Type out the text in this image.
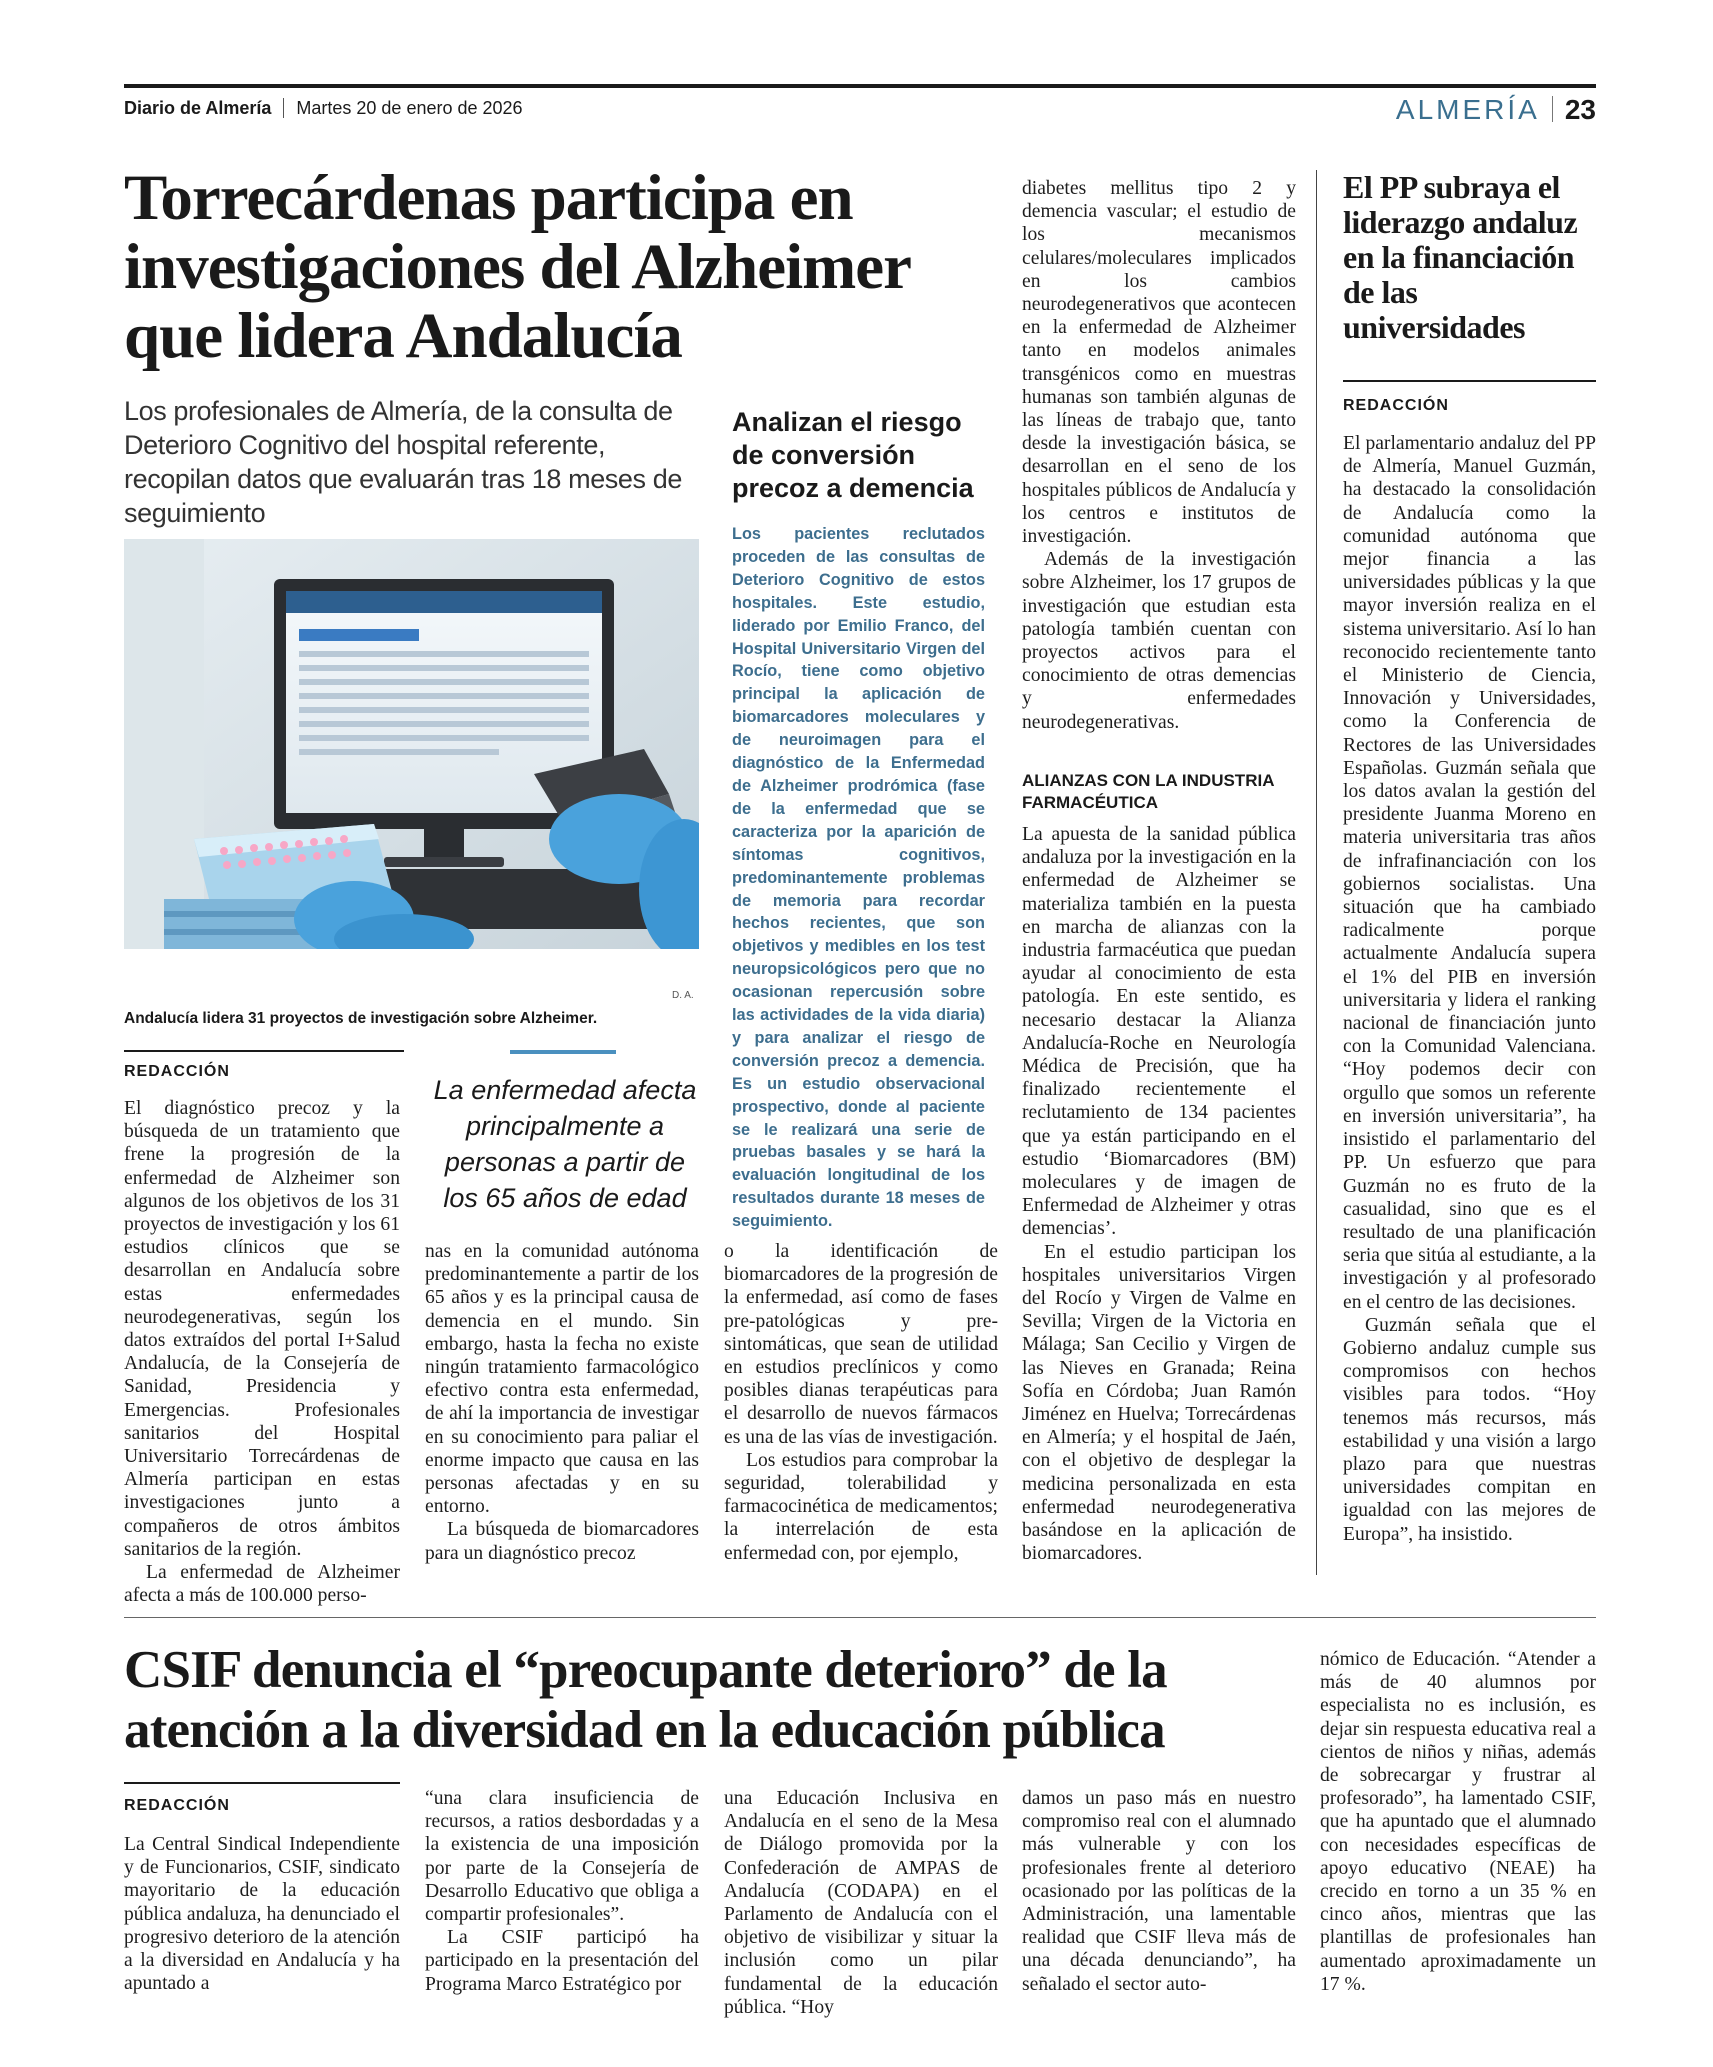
Diario de Almería Martes 20 de enero de 2026	ALMERÍA 23
Torrecárdenas participa en investigaciones del Alzheimer que lidera Andalucía
Los profesionales de Almería, de la consulta de Deterioro Cognitivo del hospital referente, recopilan datos que evaluarán tras 18 meses de seguimiento
D. A.
Andalucía lidera 31 proyectos de investigación sobre Alzheimer.
REDACCIÓN

El diagnóstico precoz y la búsqueda de un tratamiento que frene la progresión de la enfermedad de Alzheimer son algunos de los objetivos de los 31 proyectos de investigación y los 61 estudios clínicos que se desarrollan en Andalucía sobre estas enfermedades neurodegenerativas, según los datos extraídos del portal I+Salud Andalucía, de la Consejería de Sanidad, Presidencia y Emergencias. Profesionales sanitarios del Hospital Universitario Torrecárdenas de Almería participan en estas investigaciones junto a compañeros de otros ámbitos sanitarios de la región.

La enfermedad de Alzheimer afecta a más de 100.000 perso-

La enfermedad afecta principalmente a personas a partir de los 65 años de edad

nas en la comunidad autónoma predominantemente a partir de los 65 años y es la principal causa de demencia en el mundo. Sin embargo, hasta la fecha no existe ningún tratamiento farmacológico efectivo contra esta enfermedad, de ahí la importancia de investigar en su conocimiento para paliar el enorme impacto que causa en las personas afectadas y en su entorno.

La búsqueda de biomarcadores para un diagnóstico precoz

Analizan el riesgo de conversión precoz a demencia
Los pacientes reclutados proceden de las consultas de Deterioro Cognitivo de estos hospitales. Este estudio, liderado por Emilio Franco, del Hospital Universitario Virgen del Rocío, tiene como objetivo principal la aplicación de biomarcadores moleculares y de neuroimagen para el diagnóstico de la Enfermedad de Alzheimer prodrómica (fase de la enfermedad que se caracteriza por la aparición de síntomas cognitivos, predominantemente problemas de memoria para recordar hechos recientes, que son objetivos y medibles en los test neuropsicológicos pero que no ocasionan repercusión sobre las actividades de la vida diaria) y para analizar el riesgo de conversión precoz a demencia. Es un estudio observacional prospectivo, donde al paciente se le realizará una serie de pruebas basales y se hará la evaluación longitudinal de los resultados durante 18 meses de seguimiento.

o la identificación de biomarcadores de la progresión de la enfermedad, así como de fases pre-patológicas y pre-sintomáticas, que sean de utilidad en estudios preclínicos y como posibles dianas terapéuticas para el desarrollo de nuevos fármacos es una de las vías de investigación.

Los estudios para comprobar la seguridad, tolerabilidad y farmacocinética de medicamentos; la interrelación de esta enfermedad con, por ejemplo,

diabetes mellitus tipo 2 y demencia vascular; el estudio de los mecanismos celulares/moleculares implicados en los cambios neurodegenerativos que acontecen en la enfermedad de Alzheimer tanto en modelos animales transgénicos como en muestras humanas son también algunas de las líneas de trabajo que, tanto desde la investigación básica, se desarrollan en el seno de los hospitales públicos de Andalucía y los centros e institutos de investigación.

Además de la investigación sobre Alzheimer, los 17 grupos de investigación que estudian esta patología también cuentan con proyectos activos para el conocimiento de otras demencias y enfermedades neurodegenerativas.

ALIANZAS CON LA INDUSTRIA FARMACÉUTICA

La apuesta de la sanidad pública andaluza por la investigación en la enfermedad de Alzheimer se materializa también en la puesta en marcha de alianzas con la industria farmacéutica que puedan ayudar al conocimiento de esta patología. En este sentido, es necesario destacar la Alianza Andalucía-Roche en Neurología Médica de Precisión, que ha finalizado recientemente el reclutamiento de 134 pacientes que ya están participando en el estudio ‘Biomarcadores (BM) moleculares y de imagen de Enfermedad de Alzheimer y otras demencias’.

En el estudio participan los hospitales universitarios Virgen del Rocío y Virgen de Valme en Sevilla; Virgen de la Victoria en Málaga; San Cecilio y Virgen de las Nieves en Granada; Reina Sofía en Córdoba; Juan Ramón Jiménez en Huelva; Torrecárdenas en Almería; y el hospital de Jaén, con el objetivo de desplegar la medicina personalizada en esta enfermedad neurodegenerativa basándose en la aplicación de biomarcadores.

El PP subraya el liderazgo andaluz en la financiación de las universidades
REDACCIÓN

El parlamentario andaluz del PP de Almería, Manuel Guzmán, ha destacado la consolidación de Andalucía como la comunidad autónoma que mejor financia a las universidades públicas y la que mayor inversión realiza en el sistema universitario. Así lo han reconocido recientemente tanto el Ministerio de Ciencia, Innovación y Universidades, como la Conferencia de Rectores de las Universidades Españolas. Guzmán señala que los datos avalan la gestión del presidente Juanma Moreno en materia universitaria tras años de infrafinanciación con los gobiernos socialistas. Una situación que ha cambiado radicalmente porque actualmente Andalucía supera el 1% del PIB en inversión universitaria y lidera el ranking nacional de financiación junto con la Comunidad Valenciana. “Hoy podemos decir con orgullo que somos un referente en inversión universitaria”, ha insistido el parlamentario del PP. Un esfuerzo que para Guzmán no es fruto de la casualidad, sino que es el resultado de una planificación seria que sitúa al estudiante, a la investigación y al profesorado en el centro de las decisiones.

Guzmán señala que el Gobierno andaluz cumple sus compromisos con hechos visibles para todos. “Hoy tenemos más recursos, más estabilidad y una visión a largo plazo para que nuestras universidades compitan en igualdad con las mejores de Europa”, ha insistido.

CSIF denuncia el “preocupante deterioro” de la atención a la diversidad en la educación pública
REDACCIÓN

La Central Sindical Independiente y de Funcionarios, CSIF, sindicato mayoritario de la educación pública andaluza, ha denunciado el progresivo deterioro de la atención a la diversidad en Andalucía y ha apuntado a

“una clara insuficiencia de recursos, a ratios desbordadas y a la existencia de una imposición por parte de la Consejería de Desarrollo Educativo que obliga a compartir profesionales”.

La CSIF participó ha participado en la presentación del Programa Marco Estratégico por

una Educación Inclusiva en Andalucía en el seno de la Mesa de Diálogo promovida por la Confederación de AMPAS de Andalucía (CODAPA) en el Parlamento de Andalucía con el objetivo de visibilizar y situar la inclusión como un pilar fundamental de la educación pública. “Hoy

damos un paso más en nuestro compromiso real con el alumnado más vulnerable y con los profesionales frente al deterioro ocasionado por las políticas de la Administración, una lamentable realidad que CSIF lleva más de una década denunciando”, ha señalado el sector auto-

nómico de Educación. “Atender a más de 40 alumnos por especialista no es inclusión, es dejar sin respuesta educativa real a cientos de niños y niñas, además de sobrecargar y frustrar al profesorado”, ha lamentado CSIF, que ha apuntado que el alumnado con necesidades específicas de apoyo educativo (NEAE) ha crecido en torno a un 35 % en cinco años, mientras que las plantillas de profesionales han aumentado aproximadamente un 17 %.
